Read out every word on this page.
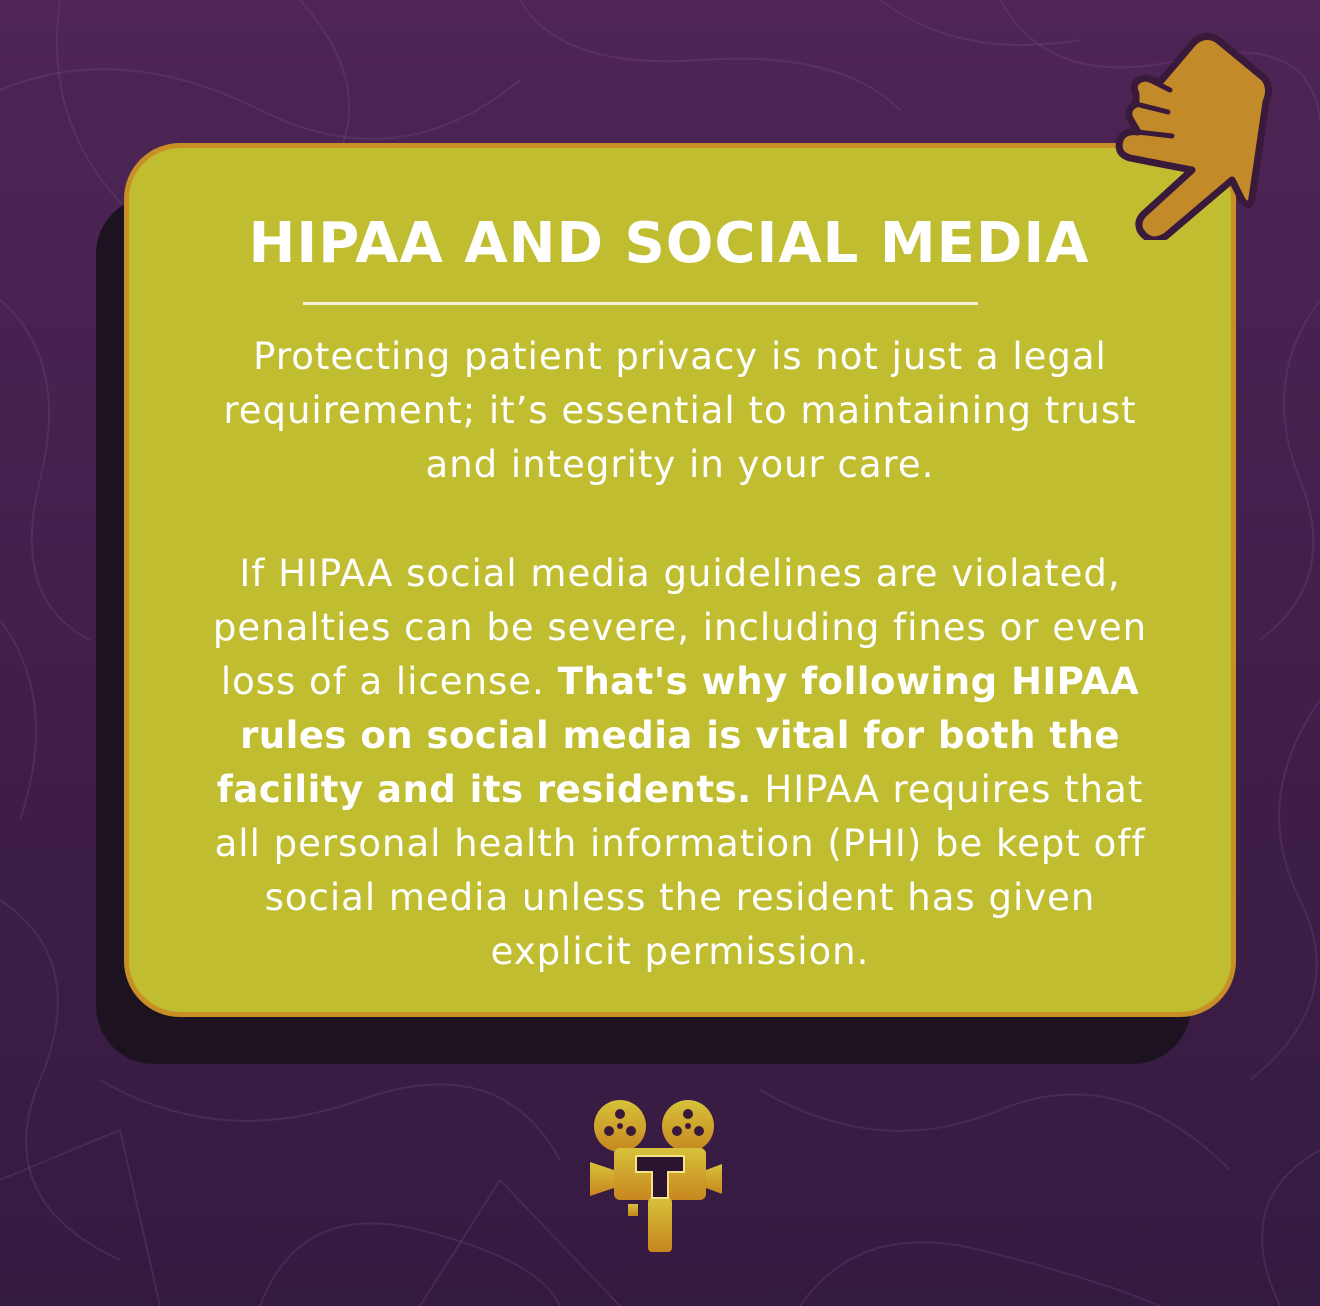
HIPAA AND SOCIAL MEDIA

Protecting patient privacy is not just a legal
requirement; it’s essential to maintaining trust
and integrity in your care.

If HIPAA social media guidelines are violated,
penalties can be severe, including fines or even
loss of a license. That's why following HIPAA
rules on social media is vital for both the
facility and its residents. HIPAA requires that
all personal health information (PHI) be kept off
social media unless the resident has given
explicit permission.
